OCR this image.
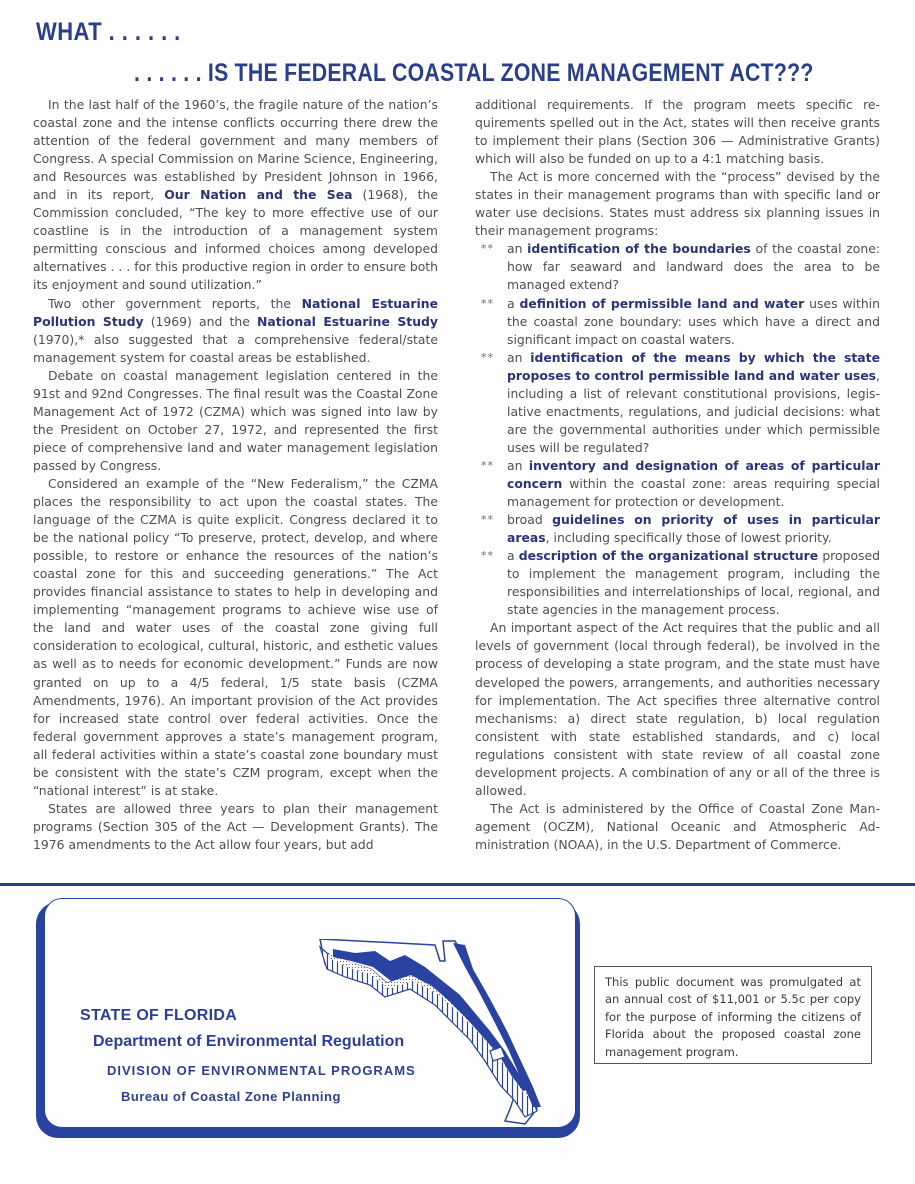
WHAT . . . . . .
. . . . . . IS THE FEDERAL COASTAL ZONE MANAGEMENT ACT???

In the last half of the 1960’s, the fragile nature of the nation’s coastal zone and the intense conflicts occurring there drew the attention of the federal government and many members of Congress. A special Commission on Marine Science, Engineering, and Resources was established by President Johnson in 1966, and in its report, Our Nation and the Sea (1968), the Commission concluded, “The key to more effective use of our coastline is in the introduction of a management system permitting conscious and informed choices among developed alternatives . . . for this productive region in order to ensure both its enjoyment and sound utilization.”

Two other government reports, the National Estuarine Pollution Study (1969) and the National Estuarine Study (1970),* also suggested that a comprehensive federal/state management system for coastal areas be established.

Debate on coastal management legislation centered in the 91st and 92nd Congresses. The final result was the Coastal Zone Management Act of 1972 (CZMA) which was signed into law by the President on October 27, 1972, and represented the first piece of comprehensive land and water management legislation passed by Congress.

Considered an example of the “New Federalism,” the CZMA places the responsibility to act upon the coastal states. The language of the CZMA is quite explicit. Congress declared it to be the national policy “To preserve, protect, develop, and where possible, to restore or enhance the resources of the nation’s coastal zone for this and succeeding generations.” The Act provides financial assistance to states to help in developing and implementing “management programs to achieve wise use of the land and water uses of the coastal zone giving full consideration to ecological, cultural, historic, and esthetic values as well as to needs for economic development.” Funds are now granted on up to a 4/5 federal, 1/5 state basis (CZMA Amendments, 1976). An important provision of the Act provides for increased state control over federal activities. Once the federal government approves a state’s management program, all federal activities within a state’s coastal zone boundary must be consistent with the state’s CZM program, except when the “national interest” is at stake.

States are allowed three years to plan their management programs (Section 305 of the Act — Development Grants). The 1976 amendments to the Act allow four years, but add

additional requirements. If the program meets specific requirements spelled out in the Act, states will then receive grants to implement their plans (Section 306 — Administrative Grants) which will also be funded on up to a 4:1 matching basis.

The Act is more concerned with the “process” devised by the states in their management programs than with specific land or water use decisions. States must address six planning issues in their management programs:

** an identification of the boundaries of the coastal zone: how far seaward and landward does the area to be managed extend?
** a definition of permissible land and water uses within the coastal zone boundary: uses which have a direct and significant impact on coastal waters.
** an identification of the means by which the state proposes to control permissible land and water uses, including a list of relevant constitutional provisions, legislative enactments, regulations, and judicial decisions: what are the governmental authorities under which permissible uses will be regulated?
** an inventory and designation of areas of particular concern within the coastal zone: areas requiring special management for protection or development.
** broad guidelines on priority of uses in particular areas, including specifically those of lowest priority.
** a description of the organizational structure proposed to implement the management program, including the responsibilities and interrelationships of local, regional, and state agencies in the management process.

An important aspect of the Act requires that the public and all levels of government (local through federal), be involved in the process of developing a state program, and the state must have developed the powers, arrangements, and authorities necessary for implementation. The Act specifies three alternative control mechanisms: a) direct state regulation, b) local regulation consistent with state established standards, and c) local regulations consistent with state review of all coastal zone development projects. A combination of any or all of the three is allowed.

The Act is administered by the Office of Coastal Zone Management (OCZM), National Oceanic and Atmospheric Administration (NOAA), in the U.S. Department of Commerce.

STATE OF FLORIDA
Department of Environmental Regulation
DIVISION OF ENVIRONMENTAL PROGRAMS
Bureau of Coastal Zone Planning
This public document was promulgated at an annual cost of $11,001 or 5.5c per copy for the purpose of informing the citizens of Florida about the proposed coastal zone management program.
